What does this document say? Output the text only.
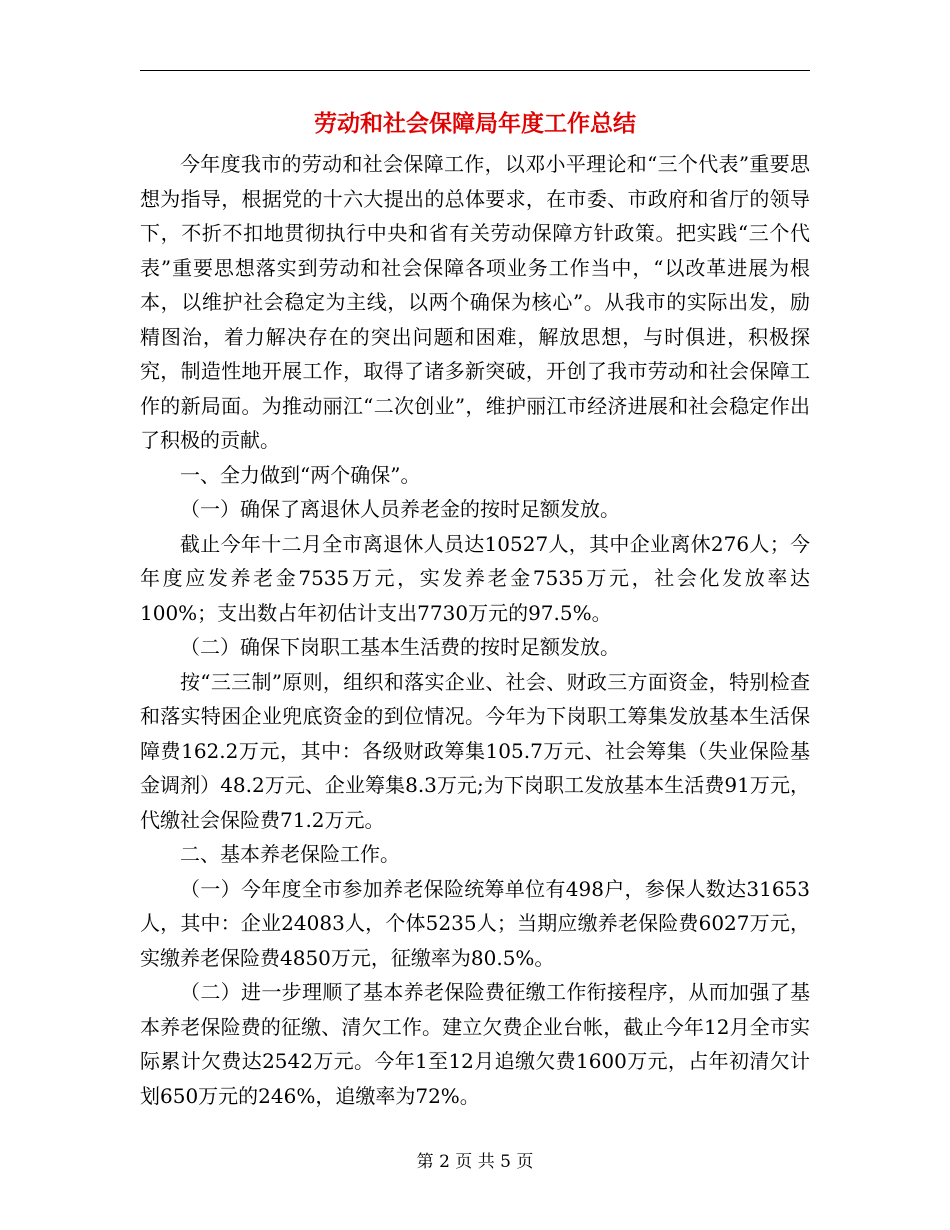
劳动和社会保障局年度工作总结

今年度我市的劳动和社会保障工作，以邓小平理论和“三个代表”重要思想为指导，根据党的十六大提出的总体要求，在市委、市政府和省厅的领导下，不折不扣地贯彻执行中央和省有关劳动保障方针政策。把实践“三个代表”重要思想落实到劳动和社会保障各项业务工作当中，“以改革进展为根本，以维护社会稳定为主线，以两个确保为核心”。从我市的实际出发，励精图治，着力解决存在的突出问题和困难，解放思想，与时俱进，积极探究，制造性地开展工作，取得了诸多新突破，开创了我市劳动和社会保障工作的新局面。为推动丽江“二次创业”，维护丽江市经济进展和社会稳定作出了积极的贡献。

一、全力做到“两个确保”。

（一）确保了离退休人员养老金的按时足额发放。

截止今年十二月全市离退休人员达10527人，其中企业离休276人；今年度应发养老金7535万元，实发养老金7535万元，社会化发放率达100%；支出数占年初估计支出7730万元的97.5%。

（二）确保下岗职工基本生活费的按时足额发放。

按“三三制”原则，组织和落实企业、社会、财政三方面资金，特别检查和落实特困企业兜底资金的到位情况。今年为下岗职工筹集发放基本生活保障费162.2万元，其中：各级财政筹集105.7万元、社会筹集（失业保险基金调剂）48.2万元、企业筹集8.3万元;为下岗职工发放基本生活费91万元，代缴社会保险费71.2万元。

二、基本养老保险工作。

（一）今年度全市参加养老保险统筹单位有498户，参保人数达31653人，其中：企业24083人，个体5235人；当期应缴养老保险费6027万元，实缴养老保险费4850万元，征缴率为80.5%。

（二）进一步理顺了基本养老保险费征缴工作衔接程序，从而加强了基本养老保险费的征缴、清欠工作。建立欠费企业台帐，截止今年12月全市实际累计欠费达2542万元。今年1至12月追缴欠费1600万元，占年初清欠计划650万元的246%，追缴率为72%。

第 2 页 共 5 页
